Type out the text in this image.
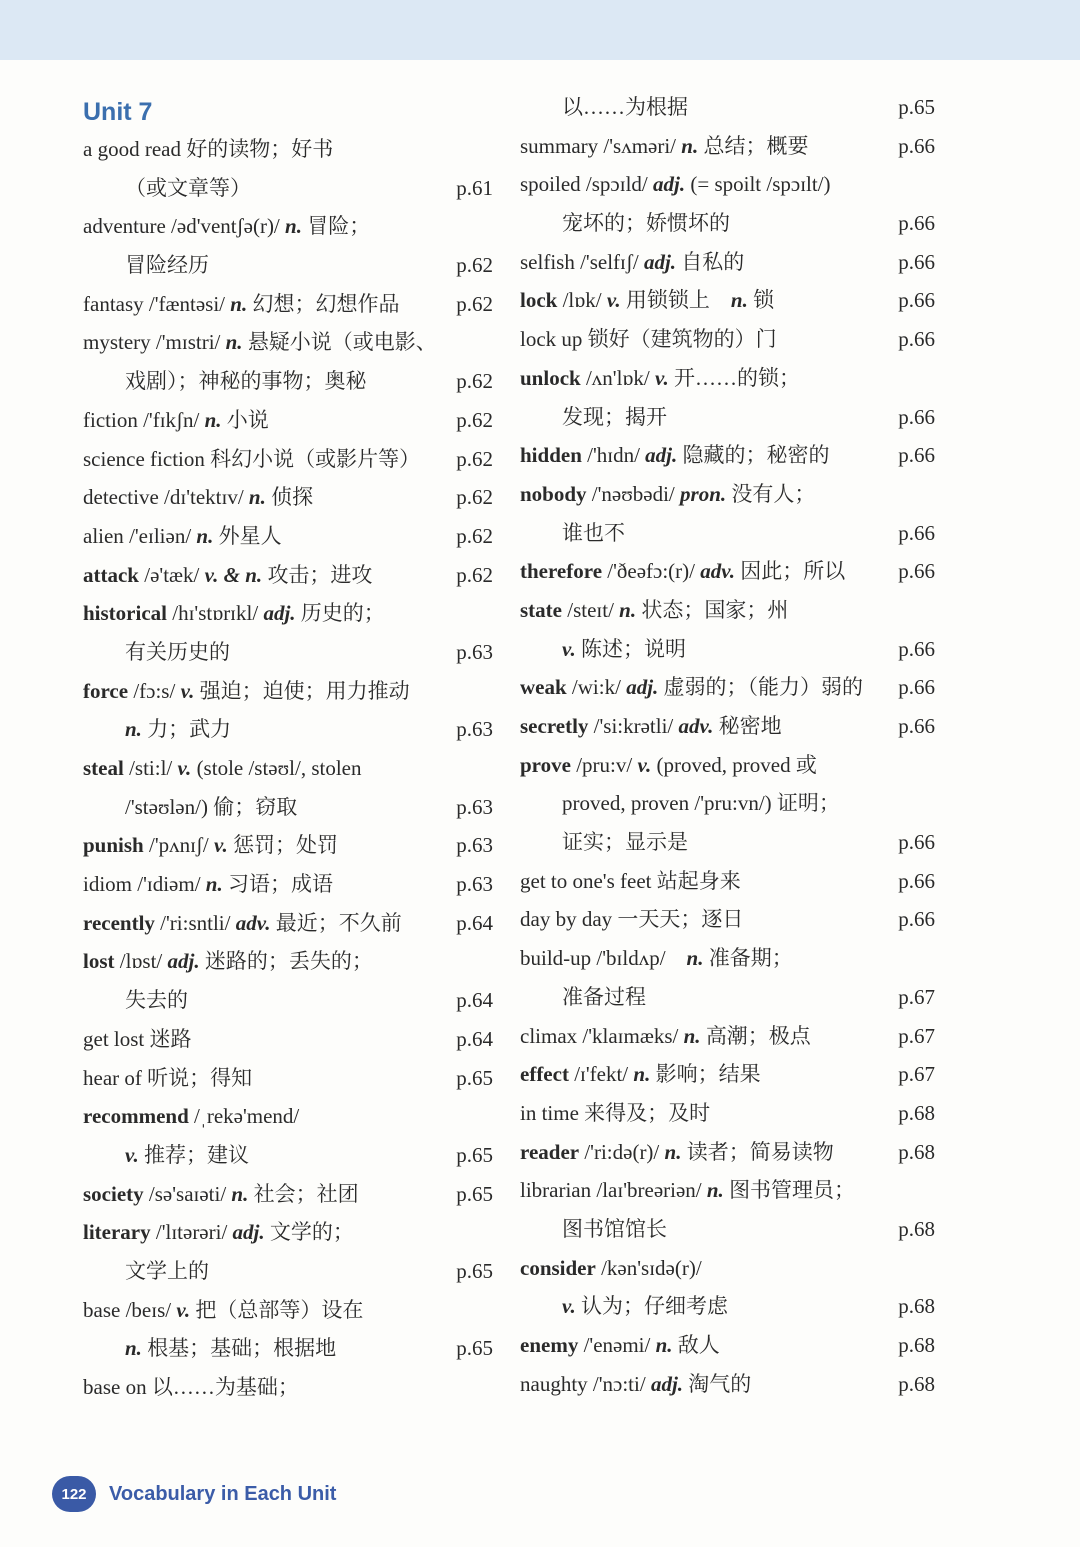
Unit 7
a good read 好的读物；好书
（或文章等）	p.61
adventure /əd'ventʃə(r)/ n. 冒险；
冒险经历	p.62
fantasy /'fæntəsi/ n. 幻想；幻想作品	p.62
mystery /'mɪstri/ n. 悬疑小说（或电影、
戏剧）；神秘的事物；奥秘	p.62
fiction /'fɪkʃn/ n. 小说	p.62
science fiction 科幻小说（或影片等） p.62
detective /dɪ'tektɪv/ n. 侦探	p.62
alien /'eɪliən/ n. 外星人	p.62
attack /ə'tæk/ v. & n. 攻击；进攻	p.62
historical /hɪ'stɒrɪkl/ adj. 历史的；
有关历史的	p.63
force /fɔ:s/ v. 强迫；迫使；用力推动
n. 力；武力	p.63
steal /sti:l/ v. (stole /stəʊl/, stolen
/'stəʊlən/) 偷；窃取	p.63
punish /'pʌnɪʃ/ v. 惩罚；处罚	p.63
idiom /'ɪdiəm/ n. 习语；成语	p.63
recently /'ri:sntli/ adv. 最近；不久前	p.64
lost /lɒst/ adj. 迷路的；丢失的；
失去的	p.64
get lost 迷路	p.64
hear of 听说；得知	p.65
recommend /ˌrekə'mend/
v. 推荐；建议	p.65
society /sə'saɪəti/ n. 社会；社团	p.65
literary /'lɪtərəri/ adj. 文学的；
文学上的	p.65
base /beɪs/ v. 把（总部等）设在
n. 根基；基础；根据地	p.65
base on 以……为基础；
以……为根据	p.65
summary /'sʌməri/ n. 总结；概要	p.66
spoiled /spɔɪld/ adj. (= spoilt /spɔɪlt/)
宠坏的；娇惯坏的	p.66
selfish /'selfɪʃ/ adj. 自私的	p.66
lock /lɒk/ v. 用锁锁上　n. 锁	p.66
lock up 锁好（建筑物的）门	p.66
unlock /ʌn'lɒk/ v. 开……的锁；
发现；揭开	p.66
hidden /'hɪdn/ adj. 隐藏的；秘密的	p.66
nobody /'nəʊbədi/ pron. 没有人；
谁也不	p.66
therefore /'ðeəfɔ:(r)/ adv. 因此；所以	p.66
state /steɪt/ n. 状态；国家；州
v. 陈述；说明	p.66
weak /wi:k/ adj. 虚弱的；（能力）弱的 p.66
secretly /'si:krətli/ adv. 秘密地	p.66
prove /pru:v/ v. (proved, proved 或
proved, proven /'pru:vn/) 证明；
证实；显示是	p.66
get to one's feet 站起身来	p.66
day by day 一天天；逐日	p.66
build-up /'bɪldʌp/　n. 准备期；
准备过程	p.67
climax /'klaɪmæks/ n. 高潮；极点	p.67
effect /ɪ'fekt/ n. 影响；结果	p.67
in time 来得及；及时	p.68
reader /'ri:də(r)/ n. 读者；简易读物	p.68
librarian /laɪ'breəriən/ n. 图书管理员；
图书馆馆长	p.68
consider /kən'sɪdə(r)/
v. 认为；仔细考虑	p.68
enemy /'enəmi/ n. 敌人	p.68
naughty /'nɔ:ti/ adj. 淘气的	p.68
122	Vocabulary in Each Unit
